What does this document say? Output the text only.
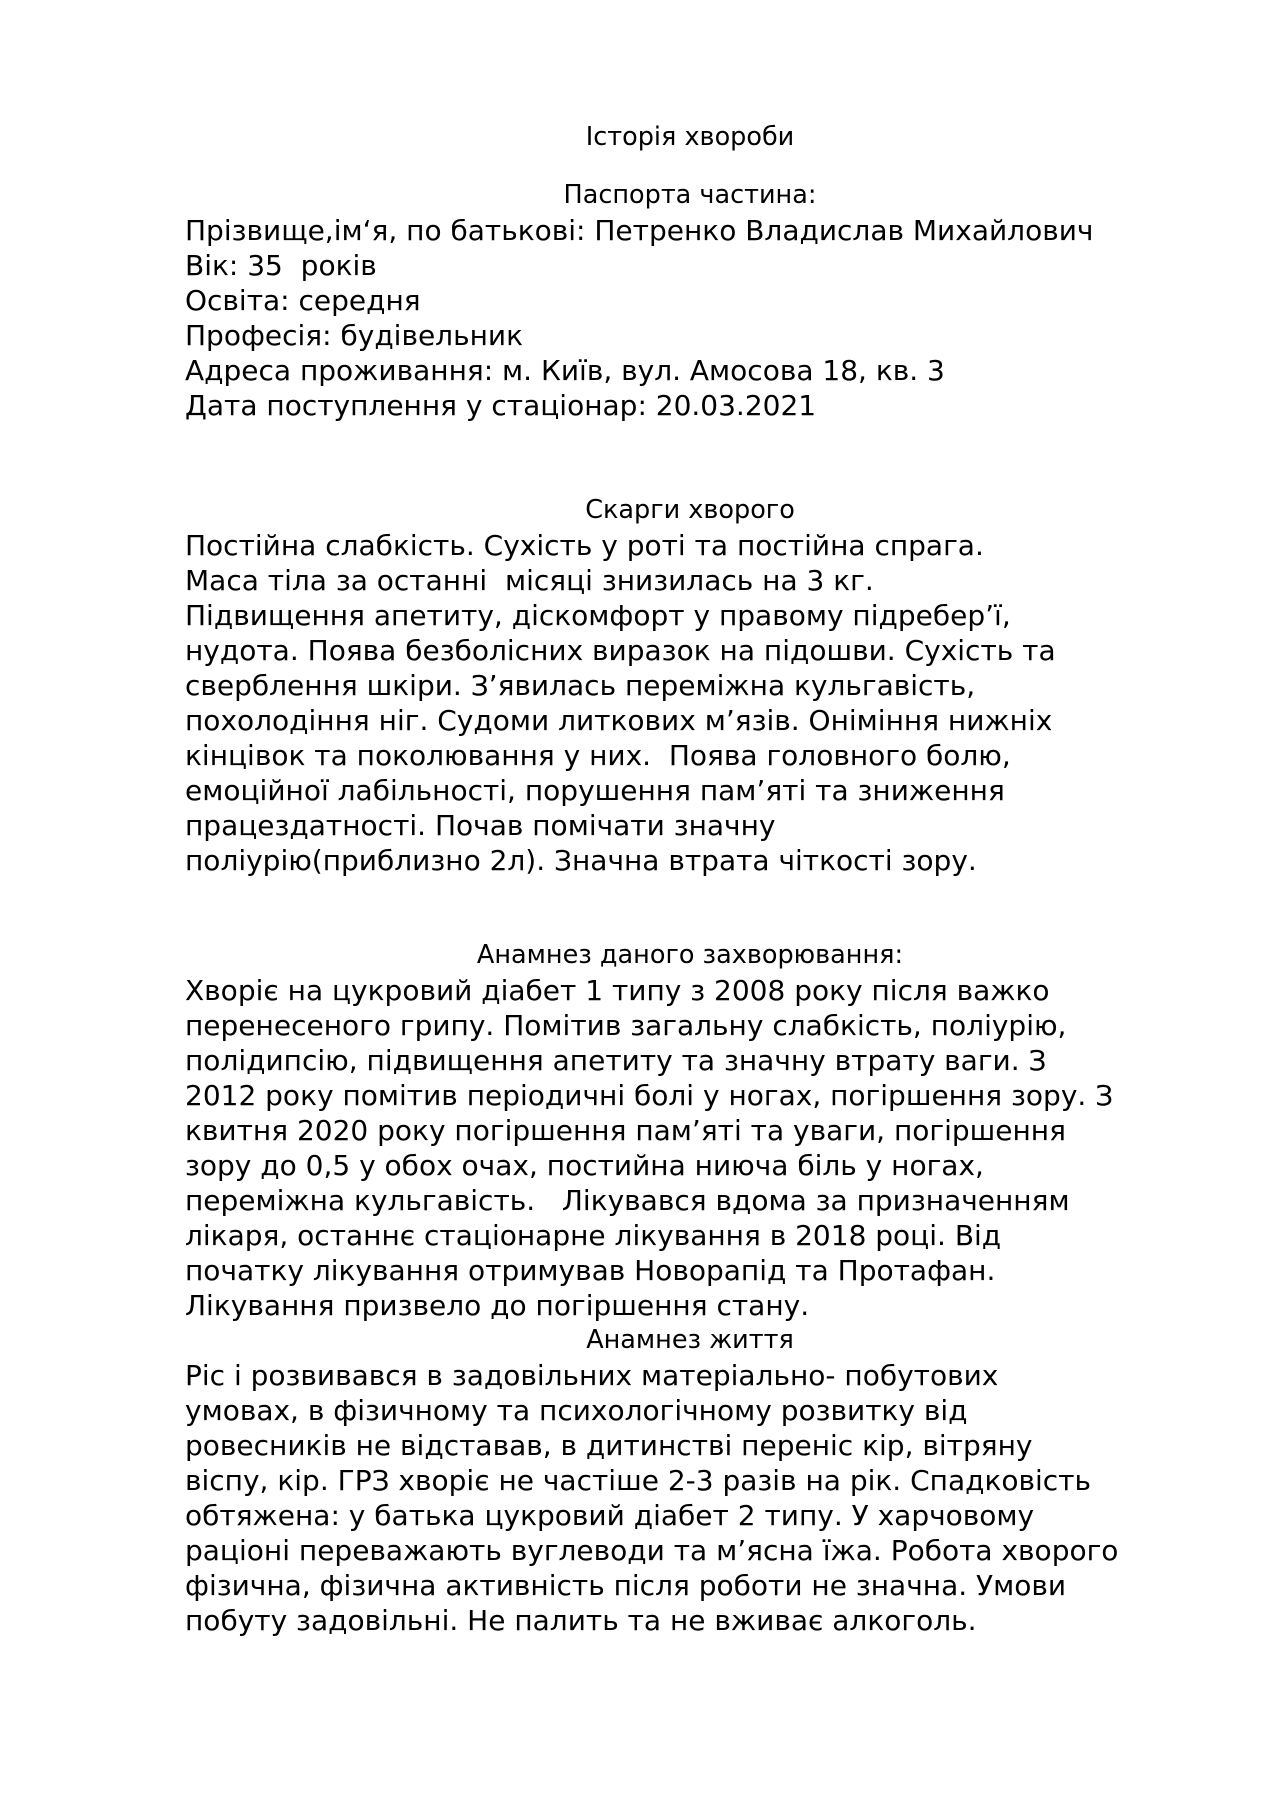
Історія хвороби
Паспорта частина:
Прізвище,ім‘я, по батькові: Петренко Владислав Михайлович
Вік: 35  років
Освіта: середня
Професія: будівельник
Адреса проживання: м. Київ, вул. Амосова 18, кв. 3
Дата поступлення у стаціонар: 20.03.2021
Скарги хворого
Постійна слабкість. Сухість у роті та постійна спрага.
Маса тіла за останні  місяці знизилась на 3 кг.
Підвищення апетиту, діскомфорт у правому підребер’ї,
нудота. Поява безболісних виразок на підошви. Сухість та
сверблення шкіри. З’явилась переміжна кульгавість,
похолодіння ніг. Судоми литкових м’язів. Оніміння нижніх
кінцівок та поколювання у них.  Поява головного болю,
емоційної лабільності, порушення пам’яті та зниження
працездатності. Почав помічати значну
поліурію(приблизно 2л). Значна втрата чіткості зору.
Анамнез даного захворювання:
Хворіє на цукровий діабет 1 типу з 2008 року після важко
перенесеного грипу. Помітив загальну слабкість, поліурію,
полідипсію, підвищення апетиту та значну втрату ваги. З
2012 року помітив періодичні болі у ногах, погіршення зору. З
квитня 2020 року погіршення пам’яті та уваги, погіршення
зору до 0,5 у обох очах, постийна ниюча біль у ногах,
переміжна кульгавість.   Лікувався вдома за призначенням
лікаря, останнє стаціонарне лікування в 2018 році. Від
початку лікування отримував Новорапід та Протафан.
Лікування призвело до погіршення стану.
Анамнез життя
Ріс і розвивався в задовільних матеріально- побутових
умовах, в фізичному та психологічному розвитку від
ровесників не відставав, в дитинстві переніс кір, вітряну
віспу, кір. ГРЗ хворіє не частіше 2-3 разів на рік. Спадковість
обтяжена: у батька цукровий діабет 2 типу. У харчовому
раціоні переважають вуглеводи та м’ясна їжа. Робота хворого
фізична, фізична активність після роботи не значна. Умови
побуту задовільні. Не палить та не вживає алкоголь.
